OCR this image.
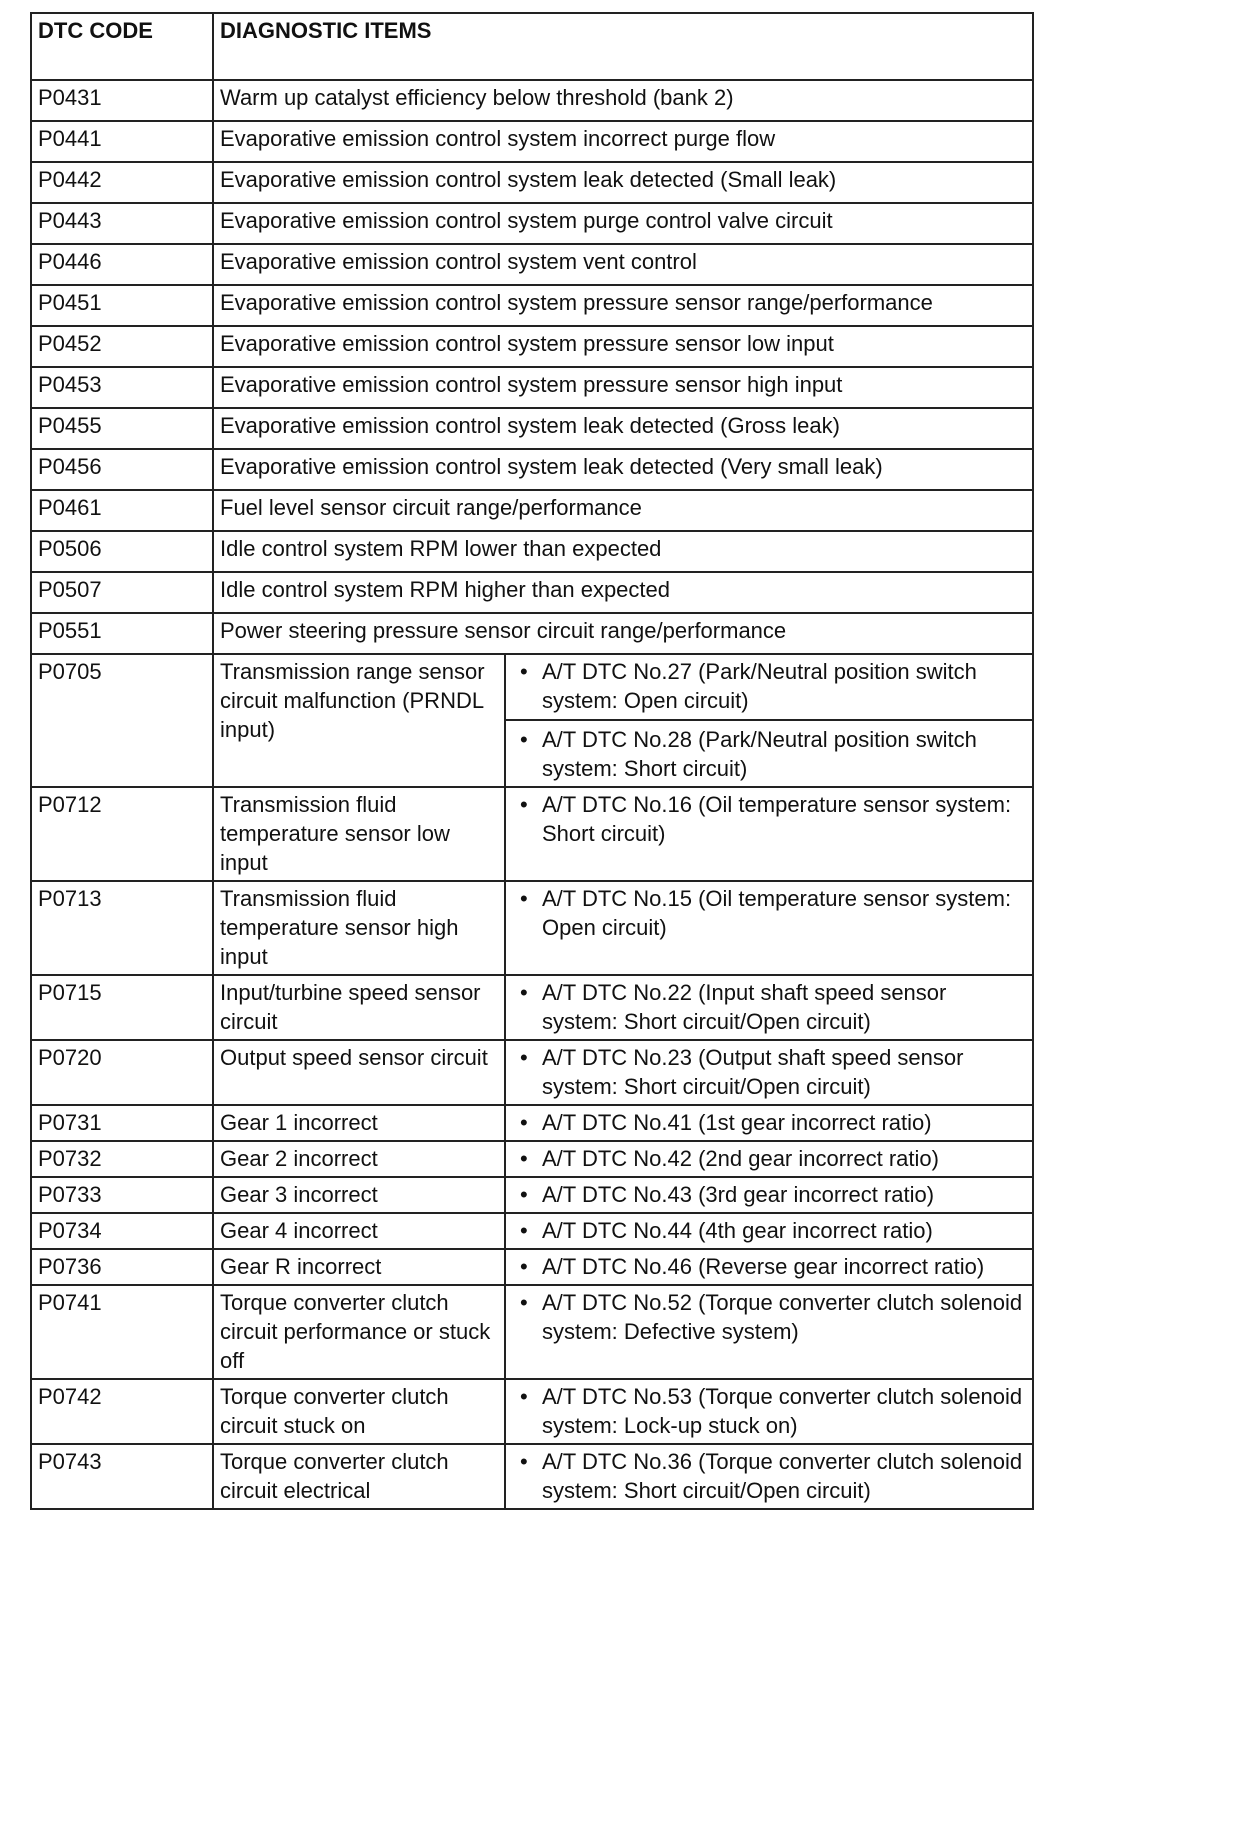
DTC CODE	DIAGNOSTIC ITEMS	
P0431	Warm up catalyst efficiency below threshold (bank 2)	
P0441	Evaporative emission control system incorrect purge flow	
P0442	Evaporative emission control system leak detected (Small leak)	
P0443	Evaporative emission control system purge control valve circuit	
P0446	Evaporative emission control system vent control	
P0451	Evaporative emission control system pressure sensor range/performance	
P0452	Evaporative emission control system pressure sensor low input	
P0453	Evaporative emission control system pressure sensor high input	
P0455	Evaporative emission control system leak detected (Gross leak)	
P0456	Evaporative emission control system leak detected (Very small leak)	
P0461	Fuel level sensor circuit range/performance	
P0506	Idle control system RPM lower than expected	
P0507	Idle control system RPM higher than expected	
P0551	Power steering pressure sensor circuit range/performance	
P0705	Transmission range sensor circuit malfunction (PRNDL input)	• A/T DTC No.27 (Park/Neutral position switch system: Open circuit)
• A/T DTC No.28 (Park/Neutral position switch system: Short circuit)

P0712	Transmission fluid temperature sensor low input	• A/T DTC No.16 (Oil temperature sensor system: Short circuit)

P0713	Transmission fluid temperature sensor high input	• A/T DTC No.15 (Oil temperature sensor system: Open circuit)

P0715	Input/turbine speed sensor circuit	• A/T DTC No.22 (Input shaft speed sensor system: Short circuit/Open circuit)

P0720	Output speed sensor circuit	• A/T DTC No.23 (Output shaft speed sensor system: Short circuit/Open circuit)

P0731	Gear 1 incorrect	• A/T DTC No.41 (1st gear incorrect ratio)

P0732	Gear 2 incorrect	• A/T DTC No.42 (2nd gear incorrect ratio)

P0733	Gear 3 incorrect	• A/T DTC No.43 (3rd gear incorrect ratio)

P0734	Gear 4 incorrect	• A/T DTC No.44 (4th gear incorrect ratio)

P0736	Gear R incorrect	• A/T DTC No.46 (Reverse gear incorrect ratio)

P0741	Torque converter clutch circuit performance or stuck off	• A/T DTC No.52 (Torque converter clutch solenoid system: Defective system)

P0742	Torque converter clutch circuit stuck on	• A/T DTC No.53 (Torque converter clutch solenoid system: Lock-up stuck on)

P0743	Torque converter clutch circuit electrical	• A/T DTC No.36 (Torque converter clutch solenoid system: Short circuit/Open circuit)
